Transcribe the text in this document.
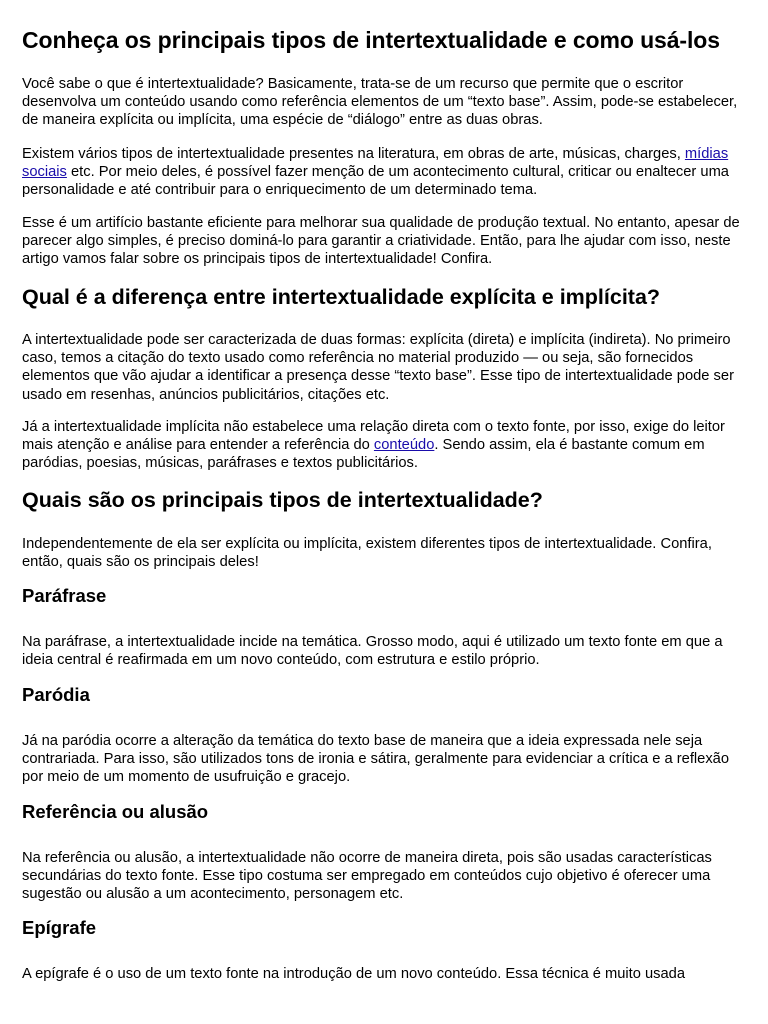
Conheça os principais tipos de intertextualidade e como usá-los

Você sabe o que é intertextualidade? Basicamente, trata-se de um recurso que permite que o escritor desenvolva um conteúdo usando como referência elementos de um “texto base”. Assim, pode-se estabelecer, de maneira explícita ou implícita, uma espécie de “diálogo” entre as duas obras.

Existem vários tipos de intertextualidade presentes na literatura, em obras de arte, músicas, charges, mídias sociais etc. Por meio deles, é possível fazer menção de um acontecimento cultural, criticar ou enaltecer uma personalidade e até contribuir para o enriquecimento de um determinado tema.

Esse é um artifício bastante eficiente para melhorar sua qualidade de produção textual. No entanto, apesar de parecer algo simples, é preciso dominá-lo para garantir a criatividade. Então, para lhe ajudar com isso, neste artigo vamos falar sobre os principais tipos de intertextualidade! Confira.

Qual é a diferença entre intertextualidade explícita e implícita?

A intertextualidade pode ser caracterizada de duas formas: explícita (direta) e implícita (indireta). No primeiro caso, temos a citação do texto usado como referência no material produzido — ou seja, são fornecidos elementos que vão ajudar a identificar a presença desse “texto base”. Esse tipo de intertextualidade pode ser usado em resenhas, anúncios publicitários, citações etc.

Já a intertextualidade implícita não estabelece uma relação direta com o texto fonte, por isso, exige do leitor mais atenção e análise para entender a referência do conteúdo. Sendo assim, ela é bastante comum em paródias, poesias, músicas, paráfrases e textos publicitários.

Quais são os principais tipos de intertextualidade?

Independentemente de ela ser explícita ou implícita, existem diferentes tipos de intertextualidade. Confira, então, quais são os principais deles!

Paráfrase

Na paráfrase, a intertextualidade incide na temática. Grosso modo, aqui é utilizado um texto fonte em que a ideia central é reafirmada em um novo conteúdo, com estrutura e estilo próprio.

Paródia

Já na paródia ocorre a alteração da temática do texto base de maneira que a ideia expressada nele seja contrariada. Para isso, são utilizados tons de ironia e sátira, geralmente para evidenciar a crítica e a reflexão por meio de um momento de usufruição e gracejo.

Referência ou alusão

Na referência ou alusão, a intertextualidade não ocorre de maneira direta, pois são usadas características secundárias do texto fonte. Esse tipo costuma ser empregado em conteúdos cujo objetivo é oferecer uma sugestão ou alusão a um acontecimento, personagem etc.

Epígrafe

A epígrafe é o uso de um texto fonte na introdução de um novo conteúdo. Essa técnica é muito usada
